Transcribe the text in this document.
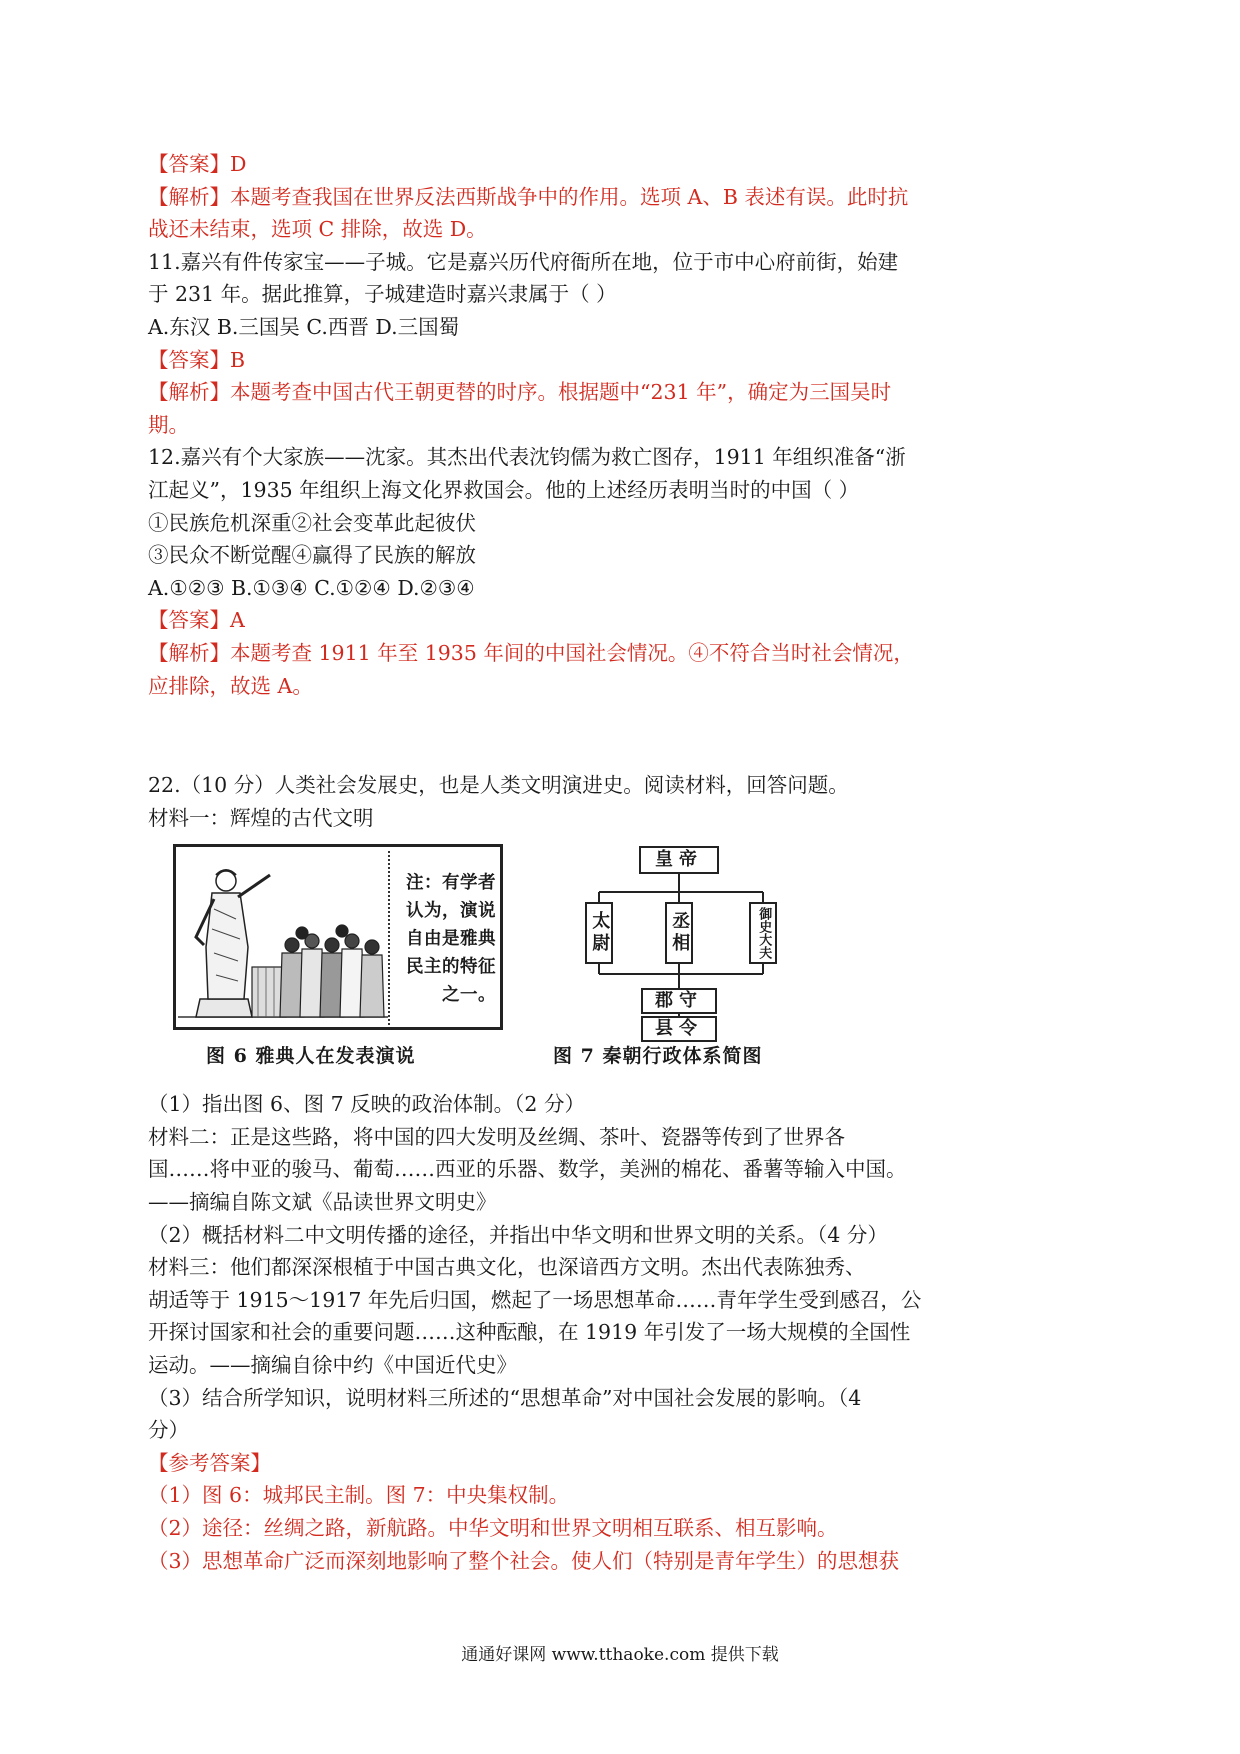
【答案】D
【解析】本题考查我国在世界反法西斯战争中的作用。选项 A、B 表述有误。此时抗
战还未结束，选项 C 排除，故选 D。
11.嘉兴有件传家宝——子城。它是嘉兴历代府衙所在地，位于市中心府前街，始建
于 231 年。据此推算，子城建造时嘉兴隶属于（ ）
A.东汉 B.三国吴 C.西晋 D.三国蜀
【答案】B
【解析】本题考查中国古代王朝更替的时序。根据题中“231 年”，确定为三国吴时
期。
12.嘉兴有个大家族——沈家。其杰出代表沈钧儒为救亡图存，1911 年组织准备“浙
江起义”，1935 年组织上海文化界救国会。他的上述经历表明当时的中国（ ）
①民族危机深重②社会变革此起彼伏
③民众不断觉醒④赢得了民族的解放
A.①②③ B.①③④ C.①②④ D.②③④
【答案】A
【解析】本题考查 1911 年至 1935 年间的中国社会情况。④不符合当时社会情况，
应排除，故选 A。
22.（10 分）人类社会发展史，也是人类文明演进史。阅读材料，回答问题。
材料一：辉煌的古代文明
注：有学者认为，演说自由是雅典民主的特征之一。
图 6 雅典人在发表演说
皇帝
太尉	丞相	御史大夫
郡守
县令
图 7 秦朝行政体系简图
（1）指出图 6、图 7 反映的政治体制。（2 分）
材料二：正是这些路，将中国的四大发明及丝绸、茶叶、瓷器等传到了世界各
国……将中亚的骏马、葡萄……西亚的乐器、数学，美洲的棉花、番薯等输入中国。
——摘编自陈文斌《品读世界文明史》
（2）概括材料二中文明传播的途径，并指出中华文明和世界文明的关系。（4 分）
材料三：他们都深深根植于中国古典文化，也深谙西方文明。杰出代表陈独秀、
胡适等于 1915～1917 年先后归国，燃起了一场思想革命……青年学生受到感召，公
开探讨国家和社会的重要问题……这种酝酿，在 1919 年引发了一场大规模的全国性
运动。——摘编自徐中约《中国近代史》
（3）结合所学知识，说明材料三所述的“思想革命”对中国社会发展的影响。（4
分）
【参考答案】
（1）图 6：城邦民主制。图 7：中央集权制。
（2）途径：丝绸之路，新航路。中华文明和世界文明相互联系、相互影响。
（3）思想革命广泛而深刻地影响了整个社会。使人们（特别是青年学生）的思想获
通通好课网 www.tthaoke.com 提供下载
